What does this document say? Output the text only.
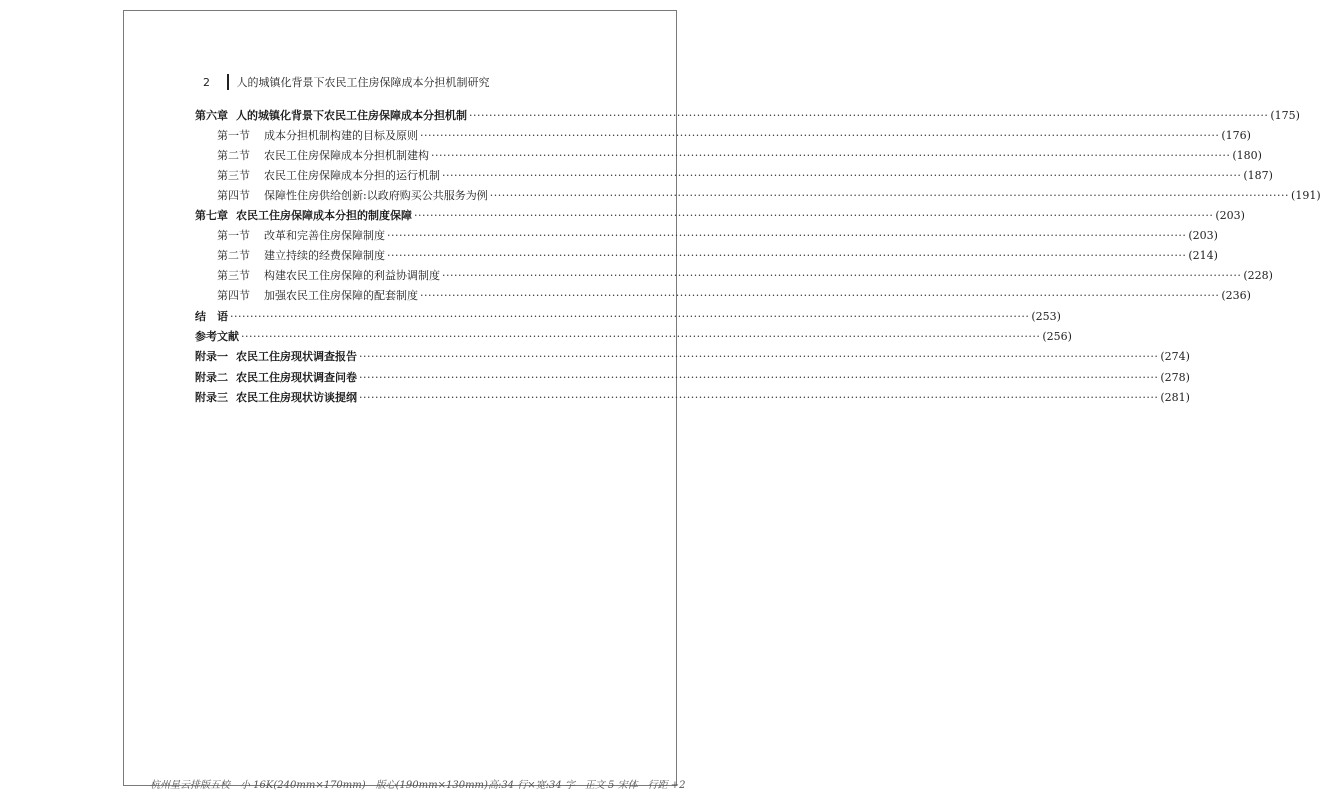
2	人的城镇化背景下农民工住房保障成本分担机制研究
第六章 人的城镇化背景下农民工住房保障成本分担机制 ········································································································································································································ (175)
第一节 成本分担机制构建的目标及原则 ········································································································································································································ (176)
第二节 农民工住房保障成本分担机制建构 ········································································································································································································ (180)
第三节 农民工住房保障成本分担的运行机制 ········································································································································································································ (187)
第四节 保障性住房供给创新:以政府购买公共服务为例 ········································································································································································································ (191)
第七章 农民工住房保障成本分担的制度保障 ········································································································································································································ (203)
第一节 改革和完善住房保障制度 ········································································································································································································ (203)
第二节 建立持续的经费保障制度 ········································································································································································································ (214)
第三节 构建农民工住房保障的利益协调制度 ········································································································································································································ (228)
第四节 加强农民工住房保障的配套制度 ········································································································································································································ (236)
结　语 ········································································································································································································ (253)
参考文献 ········································································································································································································ (256)
附录一 农民工住房现状调查报告 ········································································································································································································ (274)
附录二 农民工住房现状调查问卷 ········································································································································································································ (278)
附录三 农民工住房现状访谈提纲 ········································································································································································································ (281)
杭州星云排版五校　小 16K(240mm×170mm)　版心(190mm×130mm)高:34 行×宽:34 字　正文 5 宋体　行距 +2
